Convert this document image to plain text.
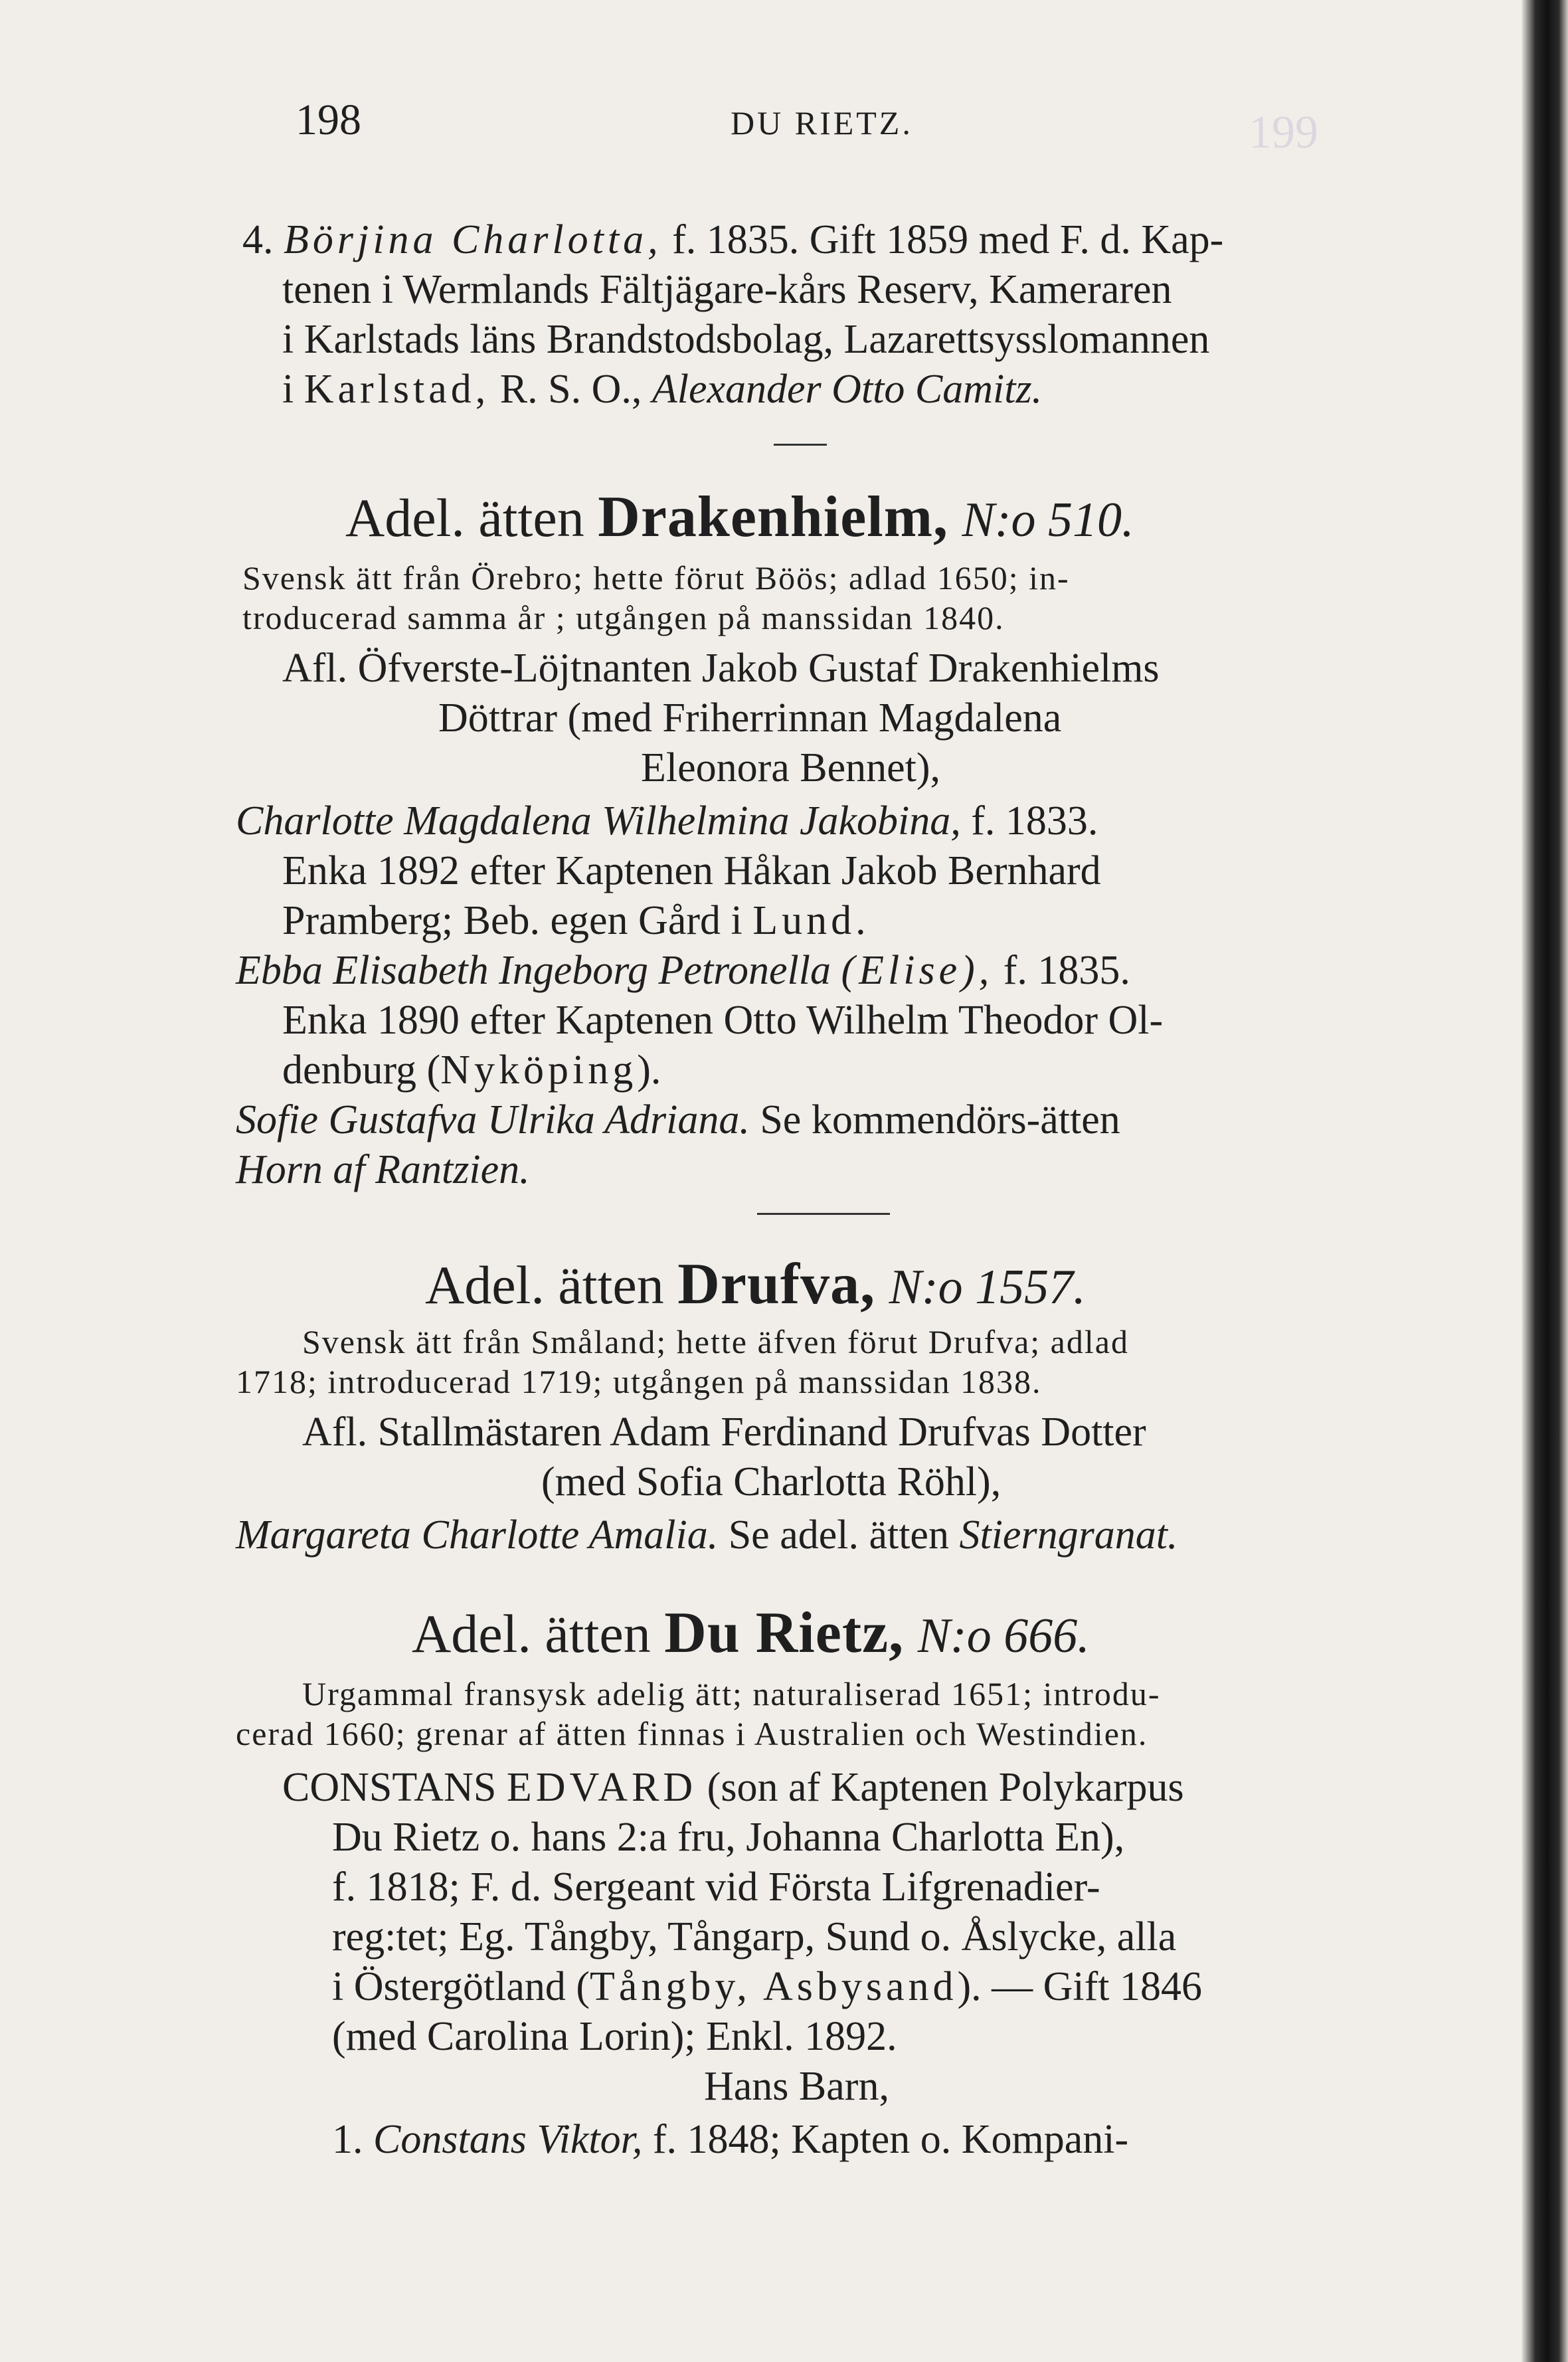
199
198	DU RIETZ.
4. Börjina Charlotta, f. 1835. Gift 1859 med F. d. Kap-
tenen i Wermlands Fältjägare-kårs Reserv, Kameraren
i Karlstads läns Brandstodsbolag, Lazarettsysslomannen
i Karlstad, R. S. O., Alexander Otto Camitz.
Adel. ätten Drakenhielm, N:o 510.
Svensk ätt från Örebro; hette förut Böös; adlad 1650; in-
troducerad samma år ; utgången på manssidan 1840.
Afl. Öfverste-Löjtnanten Jakob Gustaf Drakenhielms
Döttrar (med Friherrinnan Magdalena
Eleonora Bennet),
Charlotte Magdalena Wilhelmina Jakobina, f. 1833.
Enka 1892 efter Kaptenen Håkan Jakob Bernhard
Pramberg; Beb. egen Gård i Lund.
Ebba Elisabeth Ingeborg Petronella (Elise), f. 1835.
Enka 1890 efter Kaptenen Otto Wilhelm Theodor Ol-
denburg (Nyköping).
Sofie Gustafva Ulrika Adriana. Se kommendörs-ätten
Horn af Rantzien.
Adel. ätten Drufva, N:o 1557.
Svensk ätt från Småland; hette äfven förut Drufva; adlad
1718; introducerad 1719; utgången på manssidan 1838.
Afl. Stallmästaren Adam Ferdinand Drufvas Dotter
(med Sofia Charlotta Röhl),
Margareta Charlotte Amalia. Se adel. ätten Stierngranat.
Adel. ätten Du Rietz, N:o 666.
Urgammal fransysk adelig ätt; naturaliserad 1651; introdu-
cerad 1660; grenar af ätten finnas i Australien och Westindien.
CONSTANS EDVARD (son af Kaptenen Polykarpus
Du Rietz o. hans 2:a fru, Johanna Charlotta En),
f. 1818; F. d. Sergeant vid Första Lifgrenadier-
reg:tet; Eg. Tångby, Tångarp, Sund o. Åslycke, alla
i Östergötland (Tångby, Asbysand). — Gift 1846
(med Carolina Lorin); Enkl. 1892.
Hans Barn,
1. Constans Viktor, f. 1848; Kapten o. Kompani-
